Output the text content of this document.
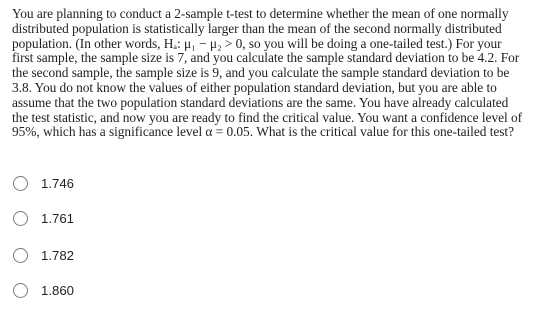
You are planning to conduct a 2-sample t-test to determine whether the mean of one normally
distributed population is statistically larger than the mean of the second normally distributed
population. (In other words, Hₐ: μ₁ − μ₂ > 0, so you will be doing a one-tailed test.) For your
first sample, the sample size is 7, and you calculate the sample standard deviation to be 4.2. For
the second sample, the sample size is 9, and you calculate the sample standard deviation to be
3.8. You do not know the values of either population standard deviation, but you are able to
assume that the two population standard deviations are the same. You have already calculated
the test statistic, and now you are ready to find the critical value. You want a confidence level of
95%, which has a significance level α = 0.05. What is the critical value for this one-tailed test?
1.746
1.761
1.782
1.860
